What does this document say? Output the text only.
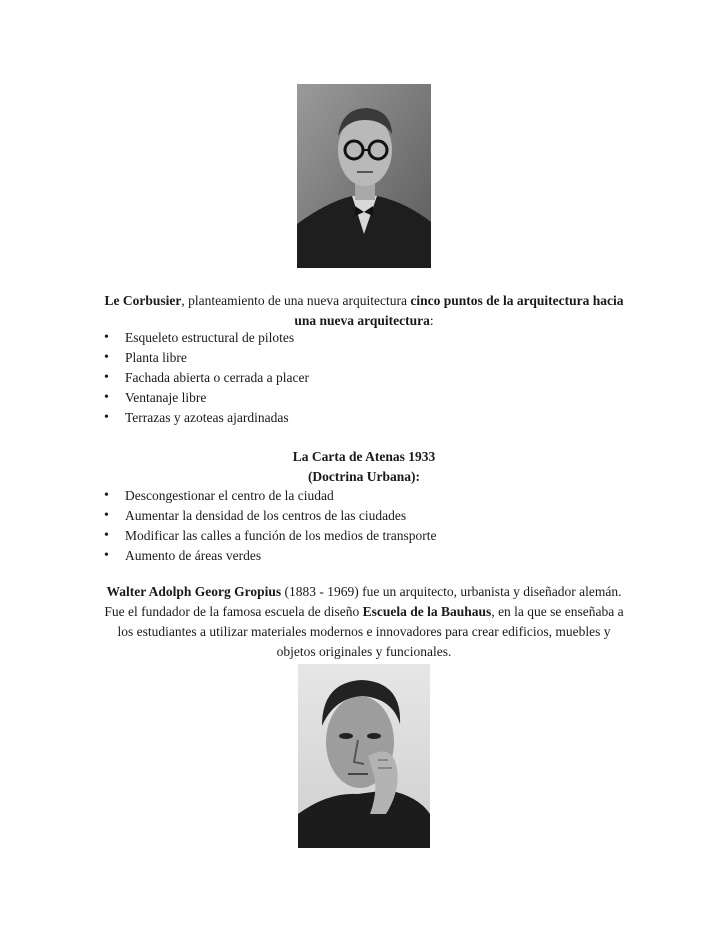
Le Corbusier, planteamiento de una nueva arquitectura cinco puntos de la arquitectura hacia
una nueva arquitectura:
• Esqueleto estructural de pilotes
• Planta libre
• Fachada abierta o cerrada a placer
• Ventanaje libre
• Terrazas y azoteas ajardinadas
La Carta de Atenas 1933
(Doctrina Urbana):
• Descongestionar el centro de la ciudad
• Aumentar la densidad de los centros de las ciudades
• Modificar las calles a función de los medios de transporte
• Aumento de áreas verdes
Walter Adolph Georg Gropius (1883 - 1969) fue un arquitecto, urbanista y diseñador alemán.
Fue el fundador de la famosa escuela de diseño Escuela de la Bauhaus, en la que se enseñaba a
los estudiantes a utilizar materiales modernos e innovadores para crear edificios, muebles y
objetos originales y funcionales.
